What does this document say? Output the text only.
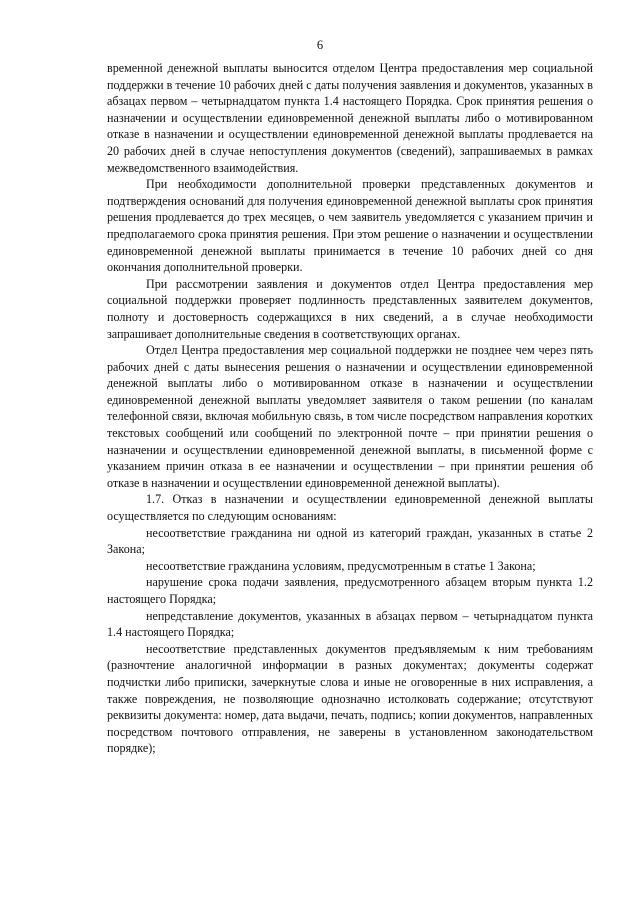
6

временной денежной выплаты выносится отделом Центра предоставления мер социальной поддержки в течение 10 рабочих дней с даты получения заявления и документов, указанных в абзацах первом – четырнадцатом пункта 1.4 настоящего Порядка. Срок принятия решения о назначении и осуществлении единовременной денежной выплаты либо о мотивированном отказе в назначении и осуществлении единовременной денежной выплаты продлевается на 20 рабочих дней в случае непоступления документов (сведений), запрашиваемых в рамках межведомственного взаимодействия.

При необходимости дополнительной проверки представленных документов и подтверждения оснований для получения единовременной денежной выплаты срок принятия решения продлевается до трех месяцев, о чем заявитель уведомляется с указанием причин и предполагаемого срока принятия решения. При этом решение о назначении и осуществлении единовременной денежной выплаты принимается в течение 10 рабочих дней со дня окончания дополнительной проверки.

При рассмотрении заявления и документов отдел Центра предоставления мер социальной поддержки проверяет подлинность представленных заявителем документов, полноту и достоверность содержащихся в них сведений, а в случае необходимости запрашивает дополнительные сведения в соответствующих органах.

Отдел Центра предоставления мер социальной поддержки не позднее чем через пять рабочих дней с даты вынесения решения о назначении и осуществлении единовременной денежной выплаты либо о мотивированном отказе в назначении и осуществлении единовременной денежной выплаты уведомляет заявителя о таком решении (по каналам телефонной связи, включая мобильную связь, в том числе посредством направления коротких текстовых сообщений или сообщений по электронной почте – при принятии решения о назначении и осуществлении единовременной денежной выплаты, в письменной форме с указанием причин отказа в ее назначении и осуществлении – при принятии решения об отказе в назначении и осуществлении единовременной денежной выплаты).

1.7. Отказ в назначении и осуществлении единовременной денежной выплаты осуществляется по следующим основаниям:

несоответствие гражданина ни одной из категорий граждан, указанных в статье 2 Закона;

несоответствие гражданина условиям, предусмотренным в статье 1 Закона;

нарушение срока подачи заявления, предусмотренного абзацем вторым пункта 1.2 настоящего Порядка;

непредставление документов, указанных в абзацах первом – четырнадцатом пункта 1.4 настоящего Порядка;

несоответствие представленных документов предъявляемым к ним требованиям (разночтение аналогичной информации в разных документах; документы содержат подчистки либо приписки, зачеркнутые слова и иные не оговоренные в них исправления, а также повреждения, не позволяющие однозначно истолковать содержание; отсутствуют реквизиты документа: номер, дата выдачи, печать, подпись; копии документов, направленных посредством почтового отправления, не заверены в установленном законодательством порядке);
